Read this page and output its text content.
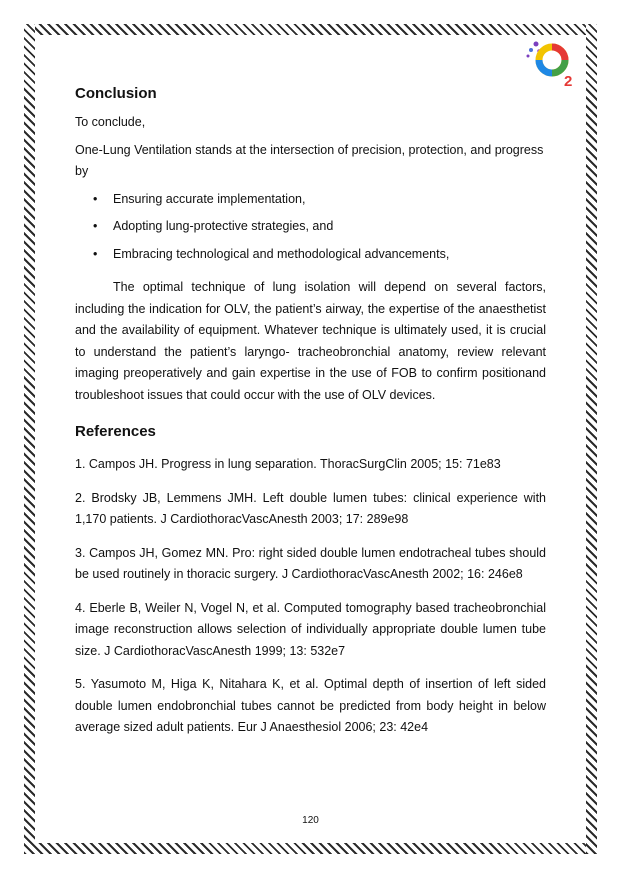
2
Conclusion

To conclude,

One-Lung Ventilation stands at the intersection of precision, protection, and progress by

• Ensuring accurate implementation,
• Adopting lung-protective strategies, and
• Embracing technological and methodological advancements,

The optimal technique of lung isolation will depend on several factors, including the indication for OLV, the patient’s airway, the expertise of the anaesthetist and the availability of equipment. Whatever technique is ultimately used, it is crucial to understand the patient’s laryngo- tracheobronchial anatomy, review relevant imaging preoperatively and gain expertise in the use of FOB to confirm positionand troubleshoot issues that could occur with the use of OLV devices.

References

1. Campos JH. Progress in lung separation. ThoracSurgClin 2005; 15: 71e83

2. Brodsky JB, Lemmens JMH. Left double lumen tubes: clinical experience with 1,170 patients. J CardiothoracVascAnesth 2003; 17: 289e98

3. Campos JH, Gomez MN. Pro: right sided double lumen endotracheal tubes should be used routinely in thoracic surgery. J CardiothoracVascAnesth 2002; 16: 246e8

4. Eberle B, Weiler N, Vogel N, et al. Computed tomography based tracheobronchial image reconstruction allows selection of individually appropriate double lumen tube size. J CardiothoracVascAnesth 1999; 13: 532e7

5. Yasumoto M, Higa K, Nitahara K, et al. Optimal depth of insertion of left sided double lumen endobronchial tubes cannot be predicted from body height in below average sized adult patients. Eur J Anaesthesiol 2006; 23: 42e4

120
